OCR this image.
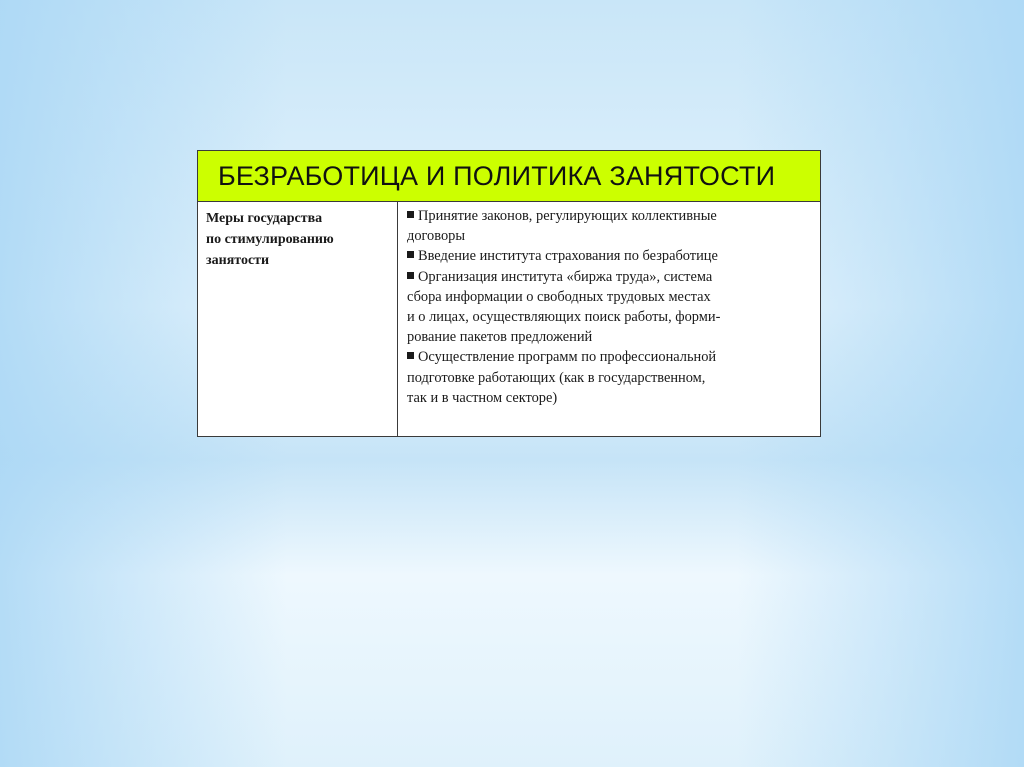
БЕЗРАБОТИЦА И ПОЛИТИКА ЗАНЯТОСТИ
Меры государства
по стимулированию
занятости
Принятие законов, регулирующих коллективные
договоры
Введение института страхования по безработице
Организация института «биржа труда», система
сбора информации о свободных трудовых местах
и о лицах, осуществляющих поиск работы, форми-
рование пакетов предложений
Осуществление программ по профессиональной
подготовке работающих (как в государственном,
так и в частном секторе)
